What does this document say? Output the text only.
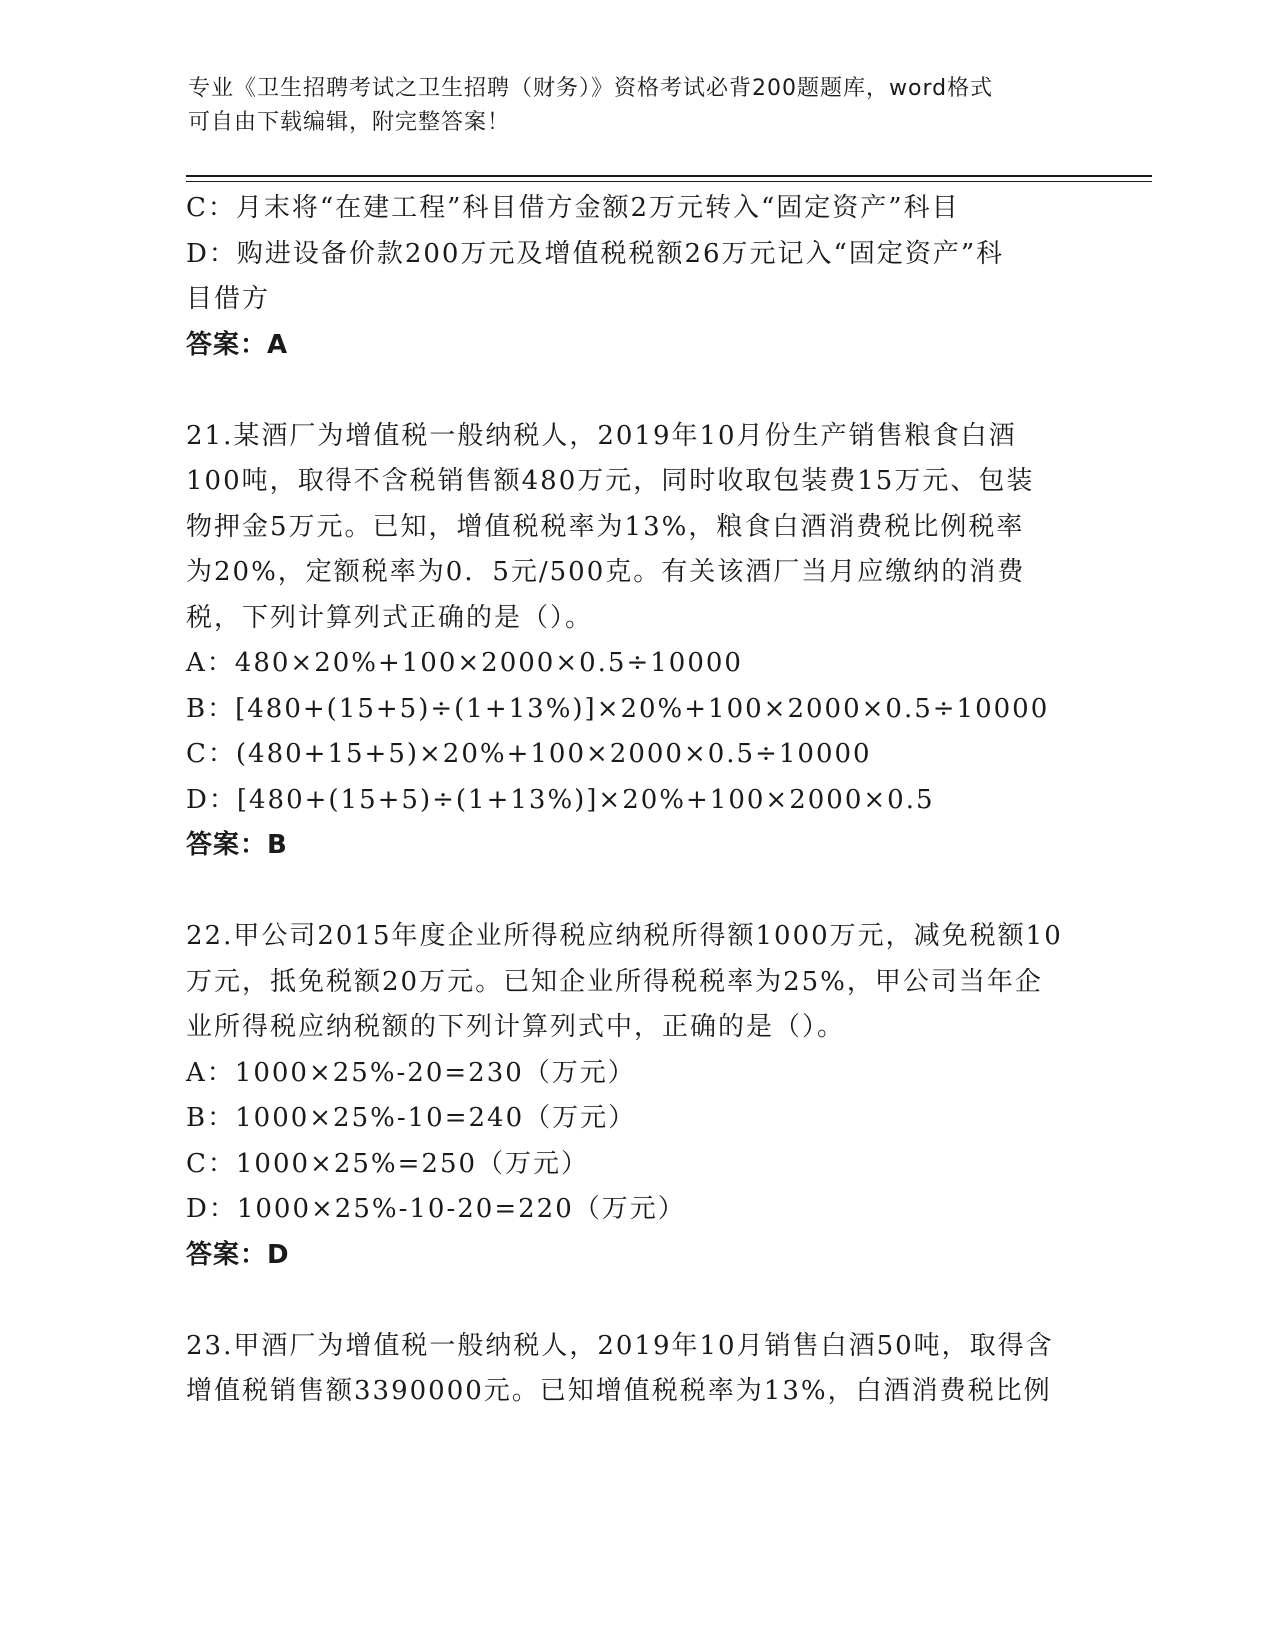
专业《卫生招聘考试之卫生招聘（财务）》资格考试必背200题题库，word格式
可自由下载编辑，附完整答案！
C：月末将“在建工程”科目借方金额2万元转入“固定资产”科目
D：购进设备价款200万元及增值税税额26万元记入“固定资产”科
目借方
答案：A
21.某酒厂为增值税一般纳税人，2019年10月份生产销售粮食白酒
100吨，取得不含税销售额480万元，同时收取包装费15万元、包装
物押金5万元。已知，增值税税率为13%，粮食白酒消费税比例税率
为20%，定额税率为0．5元/500克。有关该酒厂当月应缴纳的消费
税，下列计算列式正确的是（）。
A：480×20%+100×2000×0.5÷10000
B：[480+(15+5)÷(1+13%)]×20%+100×2000×0.5÷10000
C：(480+15+5)×20%+100×2000×0.5÷10000
D：[480+(15+5)÷(1+13%)]×20%+100×2000×0.5
答案：B
22.甲公司2015年度企业所得税应纳税所得额1000万元，减免税额10
万元，抵免税额20万元。已知企业所得税税率为25%，甲公司当年企
业所得税应纳税额的下列计算列式中，正确的是（）。
A：1000×25%-20=230（万元）
B：1000×25%-10=240（万元）
C：1000×25%=250（万元）
D：1000×25%-10-20=220（万元）
答案：D
23.甲酒厂为增值税一般纳税人，2019年10月销售白酒50吨，取得含
增值税销售额3390000元。已知增值税税率为13%，白酒消费税比例
